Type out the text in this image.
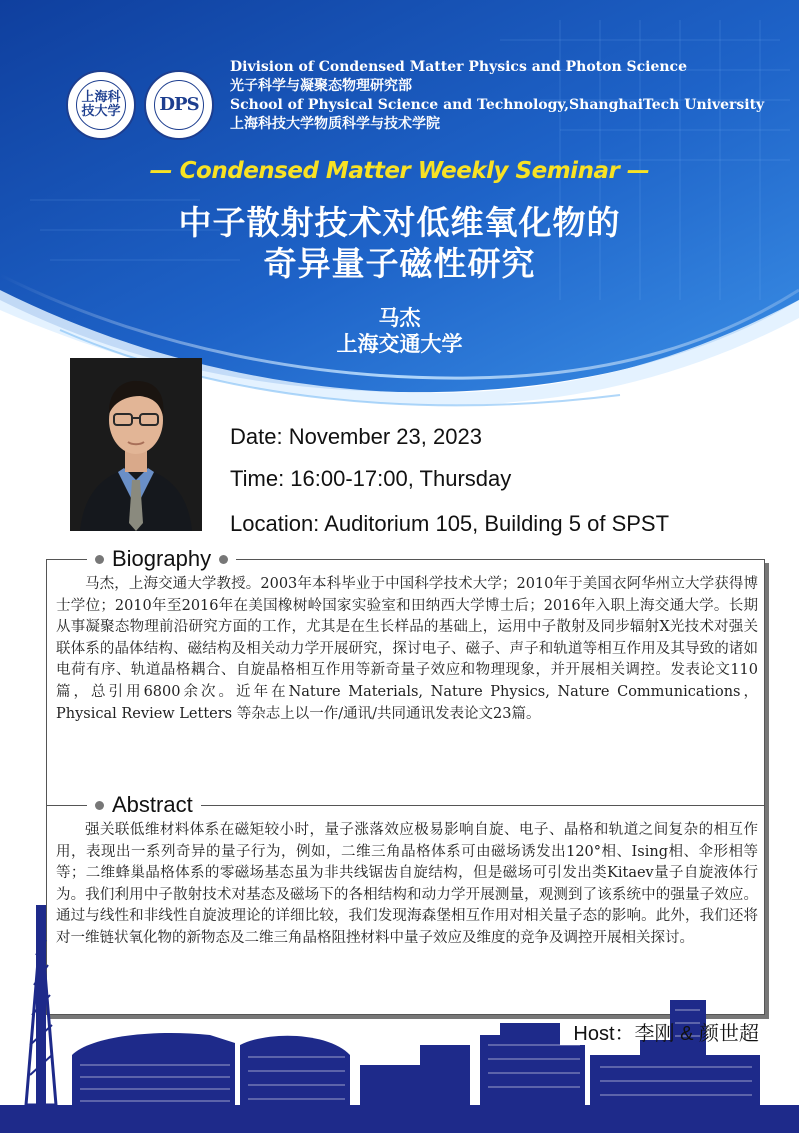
上海科技大学	DPS
Division of Condensed Matter Physics and Photon Science
光子科学与凝聚态物理研究部
School of Physical Science and Technology,ShanghaiTech University
上海科技大学物质科学与技术学院
— Condensed Matter Weekly Seminar —
中子散射技术对低维氧化物的
奇异量子磁性研究
马杰
上海交通大学
Date: November 23, 2023
Time: 16:00-17:00, Thursday
Location: Auditorium 105, Building 5 of SPST
Biography
马杰，上海交通大学教授。2003年本科毕业于中国科学技术大学；2010年于美国衣阿华州立大学获得博士学位；2010年至2016年在美国橡树岭国家实验室和田纳西大学博士后；2016年入职上海交通大学。长期从事凝聚态物理前沿研究方面的工作，尤其是在生长样品的基础上，运用中子散射及同步辐射X光技术对强关联体系的晶体结构、磁结构及相关动力学开展研究，探讨电子、磁子、声子和轨道等相互作用及其导致的诸如电荷有序、轨道晶格耦合、自旋晶格相互作用等新奇量子效应和物理现象，并开展相关调控。发表论文110篇，总引用6800余次。近年在Nature Materials, Nature Physics, Nature Communications，Physical Review Letters 等杂志上以一作/通讯/共同通讯发表论文23篇。
Abstract
强关联低维材料体系在磁矩较小时，量子涨落效应极易影响自旋、电子、晶格和轨道之间复杂的相互作用，表现出一系列奇异的量子行为，例如，二维三角晶格体系可由磁场诱发出120°相、Ising相、伞形相等等；二维蜂巢晶格体系的零磁场基态虽为非共线锯齿自旋结构，但是磁场可引发出类Kitaev量子自旋液体行为。我们利用中子散射技术对基态及磁场下的各相结构和动力学开展测量，观测到了该系统中的强量子效应。通过与线性和非线性自旋波理论的详细比较，我们发现海森堡相互作用对相关量子态的影响。此外，我们还将对一维链状氧化物的新物态及二维三角晶格阻挫材料中量子效应及维度的竞争及调控开展相关探讨。
Host：李刚 & 颜世超
